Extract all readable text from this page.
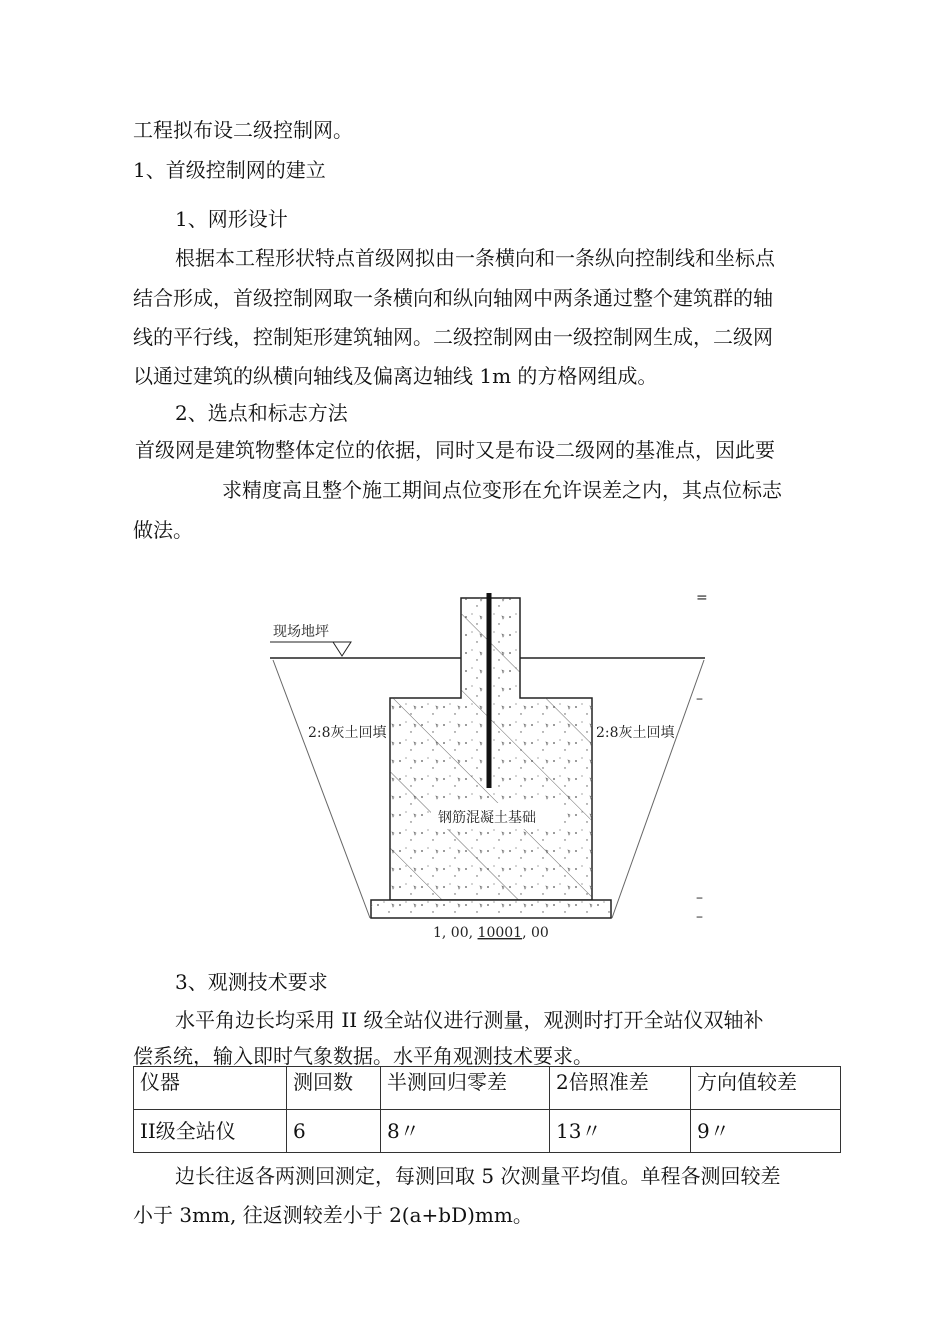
工程拟布设二级控制网。
1、首级控制网的建立
1、网形设计
根据本工程形状特点首级网拟由一条横向和一条纵向控制线和坐标点
结合形成，首级控制网取一条横向和纵向轴网中两条通过整个建筑群的轴
线的平行线，控制矩形建筑轴网。二级控制网由一级控制网生成，二级网
以通过建筑的纵横向轴线及偏离边轴线 1m 的方格网组成。
2、选点和标志方法
首级网是建筑物整体定位的依据，同时又是布设二级网的基准点，因此要
求精度高且整个施工期间点位变形在允许误差之内，其点位标志
做法。
=
–
–
–
现场地坪
2:8灰土回填	2:8灰土回填
钢筋混凝土基础
1, 00, 10001, 00
3、观测技术要求
水平角边长均采用 II 级全站仪进行测量，观测时打开全站仪双轴补
偿系统，输入即时气象数据。水平角观测技术要求。
仪器	测回数	半测回归零差	2倍照准差	方向值较差
II级全站仪	6	8〃	13〃	9〃
边长往返各两测回测定，每测回取 5 次测量平均值。单程各测回较差
小于 3mm, 往返测较差小于 2(a+bD)mm。
